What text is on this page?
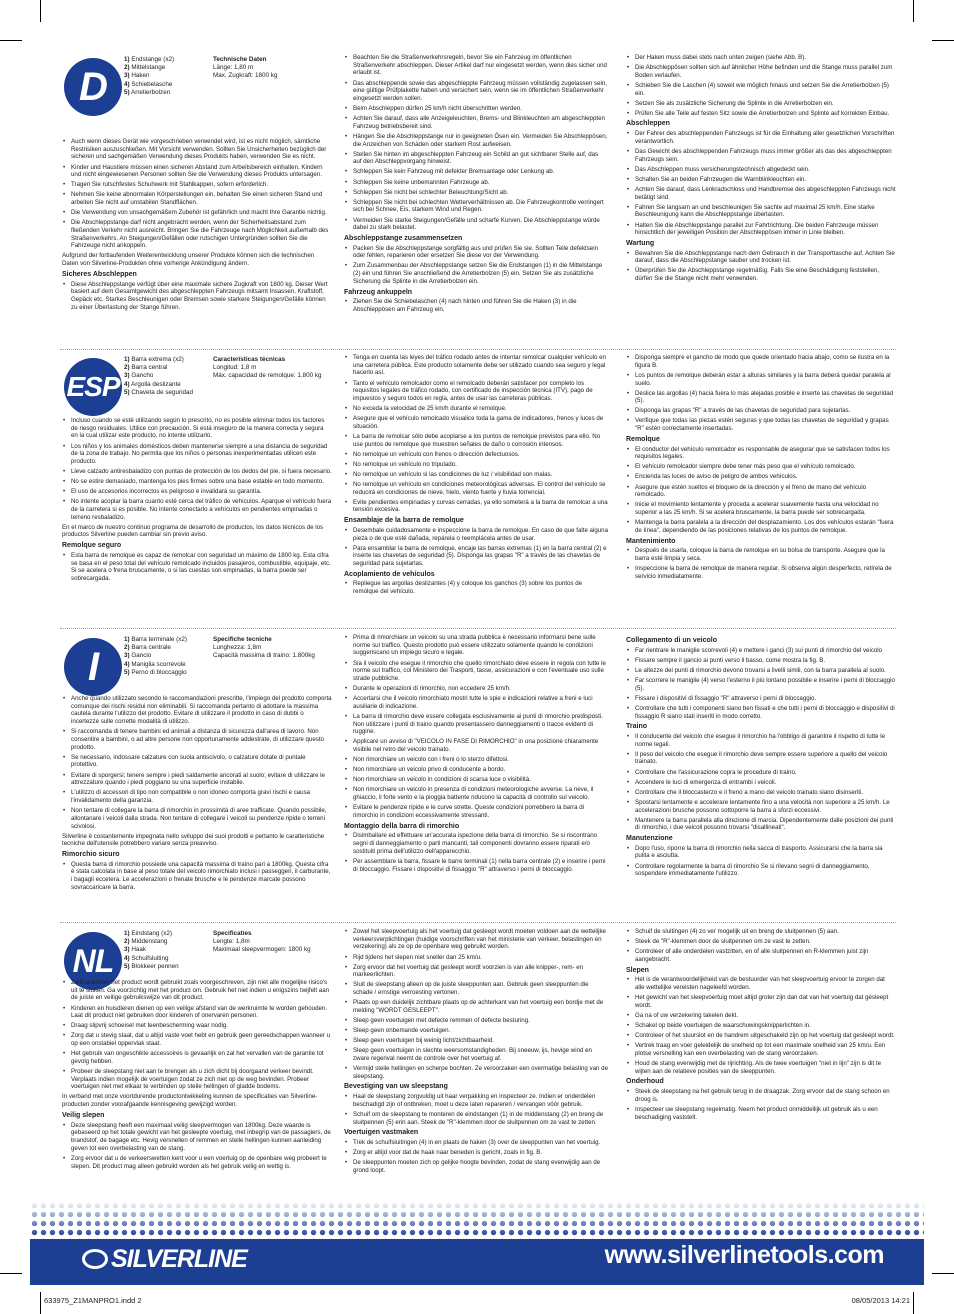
D
1) Endstange (x2)
2) Mittelstange
3) Haken
4) Schiebelasche
5) Arretierbolzen
Technische Daten
Länge: 1,80 m
Max. Zugkraft: 1800 kg
• Auch wenn dieses Gerät wie vorgeschrieben verwendet wird, ist es nicht möglich, sämtliche Restrisiken auszuschließen. Mit Vorsicht verwenden. Sollten Sie Unsicherheiten bezüglich der sicheren und sachgemäßen Verwendung dieses Produkts haben, verwenden Sie es nicht.
• Kinder und Haustiere müssen einen sicheren Abstand zum Arbeitsbereich einhalten. Kindern und nicht eingewiesenen Personen sollten Sie die Verwendung dieses Produkts untersagen.
• Tragen Sie rutschfestes Schuhwerk mit Stahlkappen, sofern erforderlich.
• Nehmen Sie keine abnormalen Körperstellungen ein, behalten Sie einen sicheren Stand und arbeiten Sie nicht auf unstabilen Standflächen.
• Die Verwendung von unsachgemäßem Zubehör ist gefährlich und macht Ihre Garantie nichtig.
• Die Abschleppstange darf nicht angebracht werden, wenn der Sicherheitsabstand zum fließenden Verkehr nicht ausreicht. Bringen Sie die Fahrzeuge nach Möglichkeit außerhalb des Straßenverkehrs. An Steigungen/Gefällen oder rutschigen Untergründen sollten Sie die Fahrzeuge nicht ankoppeln.

Aufgrund der fortlaufenden Weiterentwicklung unserer Produkte können sich die technischen Daten von Silverline-Produkten ohne vorherige Ankündigung ändern.

Sicheres Abschleppen
• Diese Abschleppstange verfügt über eine maximale sichere Zugkraft von 1800 kg. Dieser Wert basiert auf dem Gesamtgewicht des abgeschleppten Fahrzeugs mitsamt Insassen, Kraftstoff, Gepäck etc. Starkes Beschleunigen oder Bremsen sowie starkere Steigungen/Gefälle können zu einer Überlastung der Stange führen.
• Beachten Sie die Straßenverkehrsregeln, bevor Sie ein Fahrzeug im öffentlichen Straßenverkehr abschleppen. Dieser Artikel darf nur eingesetzt werden, wenn dies sicher und erlaubt ist.
• Das abschleppende sowie das abgeschleppte Fahrzeug müssen vollständig zugelassen sein, eine gültige Prüfplakette haben und versichert sein, wenn sie im öffentlichen Straßenverkehr eingesetzt werden sollen.
• Beim Abschleppen dürfen 25 km/h nicht überschritten werden.
• Achten Sie darauf, dass alle Anzeigeleuchten, Brems- und Blinkleuchten am abgeschleppten Fahrzeug betriebsbereit sind.
• Hängen Sie die Abschleppstange nur in geeigneten Ösen ein. Vermeiden Sie Abschleppösen, die Anzeichen von Schäden oder starkem Rost aufweisen.
• Stellen Sie hinten im abgeschleppten Fahrzeug ein Schild an gut sichtbarer Stelle auf, das auf den Abschleppvorgang hinweist.
• Schleppen Sie kein Fahrzeug mit defekter Bremsanlage oder Lenkung ab.
• Schleppen Sie keine unbemannten Fahrzeuge ab.
• Schleppen Sie nicht bei schlechter Beleuchtung/Sicht ab.
• Schleppen Sie nicht bei schlechten Wetterverhältnissen ab. Die Fahrzeugkontrolle verringert sich bei Schnee, Eis, starkem Wind und Regen.
• Vermeiden Sie starke Steigungen/Gefälle und scharfe Kurven. Die Abschleppstange würde dabei zu stark belastet.
Abschleppstange zusammensetzen
• Packen Sie die Abschleppstange sorgfältig aus und prüfen Sie sie. Sollten Teile defektsein oder fehlen, reparieren oder ersetzen Sie diese vor der Verwendung.
• Zum Zusammenbau der Abschleppstange setzen Sie die Endstangen (1) in die Mittelstange (2) ein und führen Sie anschließend die Arretierbolzen (5) ein. Setzen Sie als zusätzliche Sicherung die Splinte in die Arretierbolzen ein.
Fahrzeug ankuppeln
• Ziehen Sie die Schiebelaschen (4) nach hinten und führen Sie die Haken (3) in die Abschleppösen am Fahrzeug ein.
• Der Haken muss dabei stets nach unten zeigen (siehe Abb. B).
• Die Abschleppösen sollten sich auf ähnlicher Höhe befinden und die Stange muss parallel zum Boden verlaufen.
• Schieben Sie die Laschen (4) soweit wie möglich hinaus und setzen Sie die Arretierbolzen (5) ein.
• Setzen Sie als zusätzliche Sicherung die Splinte in die Arretierbolzen ein.
• Prüfen Sie alle Teile auf festen Sitz sowie die Arretierbolzen und Splinte auf korrekten Einbau.
Abschleppen
• Der Fahrer des abschleppenden Fahrzeugs ist für die Einhaltung aller gesetzlichen Vorschriften verantwortlich.
• Das Gewicht des abschleppenden Fahrzeugs muss immer größer als das des abgeschleppten Fahrzeugs sein.
• Das Abschleppen muss versicherungstechnisch abgedeckt sein.
• Schalten Sie an beiden Fahrzeugen die Warnblinkleuchten ein.
• Achten Sie darauf, dass Lenkradschloss und Handbremse des abgeschleppten Fahrzeugs nicht betätigt sind.
• Fahren Sie langsam an und beschleunigen Sie sachte auf maximal 25 km/h. Eine starke Beschleunigung kann die Abschleppstange überlasten.
• Halten Sie die Abschleppstange parallel zur Fahrtrichtung. Die beiden Fahrzeuge müssen hinsichtlich der jeweiligen Position der Abschleppösen immer in Linie bleiben.
Wartung
• Bewahren Sie die Abschleppstange nach dem Gebrauch in der Transporttasche auf. Achten Sie darauf, dass die Abschleppstange sauber und trocken ist.
• Überprüfen Sie die Abschleppstange regelmäßig. Falls Sie eine Beschädigung feststellen, dürfen Sie die Stange nicht mehr verwenden.
ESP
1) Barra extrema (x2)
2) Barra central
3) Gancho
4) Argolla deslizante
5) Chaveta de seguridad
Características técnicas
Longitud: 1,8 m
Máx. capacidad de remolque: 1.800 kg
• Incluso cuando se esté utilizando según lo prescrito, no es posible eliminar todos los factores de riesgo residuales. Utilice con precaución. Si está inseguro de la manera correcta y segura en la cual utilizar este producto, no intente utilizarlo.
• Los niños y los animales domésticos deben mantenerse siempre a una distancia de seguridad de la zona de trabajo. No permita que los niños o personas inexperimentadas utilicen este producto.
• Lleve calzado antiresbaladizo con puntas de protección de los dedos del pie, si fuera necesario.
• No se estire demasiado, mantenga los pies firmes sobre una base estable en todo momento.
• El uso de accesorios incorrectos es peligroso e invalidará su garantía.
• No intente acoplar la barra cuanto esté cerca del tráfico de vehículos. Aparque el vehículo fuera de la carretera si es posible. No intente conectarlo a vehículos en pendientes empinadas o terreno resbaladizo.

En el marco de nuestro continuo programa de desarrollo de productos, los datos técnicos de los productos Silverline pueden cambiar sin previo aviso.

Remolque seguro
• Esta barra de remolque es capaz de remolcar con seguridad un máximo de 1800 kg. Esta cifra se basa en el peso total del vehículo remolcado incluidos pasajeros, combustible, equipaje, etc. Si se acelera o frena bruscamente, o si las cuestas son empinadas, la barra puede ser sobrecargada.
• Tenga en cuenta las leyes del tráfico rodado antes de intentar remolcar cualquier vehículo en una carretera pública. Este producto solamente debe ser utilizado cuando sea seguro y legal hacerlo así.
• Tanto el vehículo remolcador como el remolcado deberán satisfacer por completo los requisitos legales de tráfico rodado, con certificado de inspección técnica (ITV), pago de impuestos y seguro todos en regla, antes de usar las carreteras públicas.
• No exceda la velocidad de 25 km/h durante el remolque.
• Asegure que el vehículo remolcado visualice toda la gama de indicadores, frenos y luces de situación.
• La barra de remolcar sólo debe acoplarse a los puntos de remolque previstos para ello. No use puntos de remolque que muestren señales de daño o corrosión intensos.
• No remolque un vehículo con frenos o dirección defectuosos.
• No remolque un vehículo no tripulado.
• No remolque un vehículo si las condiciones de luz / visibilidad son malas.
• No remolque un vehículo en condiciones meteorológicas adversas. El control del vehículo se reducirá en condiciones de nieve, hielo, viento fuerte y lluvia torrencial.
• Evite pendientes empinadas y curvas cerradas, ya ello someterá a la barra de remolcar a una tensión excesiva.
Ensamblaje de la barra de remolque
• Desembale cuidadosamente e inspeccione la barra de remolque. En caso de que falte alguna pieza o de que esté dañada, repárela o reemplácela antes de usar.
• Para ensamblar la barra de remolque, encaje las barras extremas (1) en la barra central (2) e inserte las chavetas de seguridad (5). Disponga las grapas "R" a través de las chavetas de seguridad para sujetarlas.
Acoplamiento de vehículos
• Repliegue las argollas deslizantes (4) y coloque los ganchos (3) sobre los puntos de remolque del vehículo.
• Disponga siempre el gancho de modo que quede orientado hacia abajo, como se ilustra en la figura B.
• Los puntos de remolque deberán estar a alturas similares y la barra deberá quedar paralela al suelo.
• Deslice las argollas (4) hacia fuera lo más alejadas posible e inserte las chavetas de seguridad (5).
• Disponga las grapas "R" a través de las chavetas de seguridad para sujetarlas.
• Verifique que todas las piezas estén seguras y que todas las chavetas de seguridad y grapas "R" estén correctamente insertadas.
Remolque
• El conductor del vehículo remolcador es responsable de asegurar que se satisfacen todos los requisitos legales.
• El vehículo remolcador siempre debe tener más peso que el vehículo remolcado.
• Encienda las luces de aviso de peligro de ambos vehículos.
• Asegure que estén sueltos el bloqueo de la dirección y el freno de mano del vehículo remolcado.
• Inicie el movimiento lentamente y proceda a acelerar suavemente hasta una velocidad no superior a las 25 km/h. Si se acelera bruscamente, la barra puede ser sobrecargada.
• Mantenga la barra paralela a la dirección del desplazamiento. Los dos vehículos estarán "fuera de línea", dependiendo de las posiciones relativas de los puntos de remolque.
Mantenimiento
• Después de usarla, coloque la barra de remolque en su bolsa de transporte. Asegure que la barra esté limpia y seca.
• Inspeccione la barra de remolque de manera regular. Si observa algún desperfecto, retírela de servicio inmediatamente.
I
1) Barra terminale (x2)
2) Barra centrale
3) Gancio
4) Maniglia scorrevole
5) Perno di bloccaggio
Specifiche tecniche
Lunghezza: 1,8m
Capacità massima di traino: 1.800kg
• Anche quando utilizzato secondo le raccomandazioni prescritte, l'impiego del prodotto comporta comunque dei rischi residui non eliminabili. Si raccomanda pertanto di adottare la massima cautela durante l'utilizzo del prodotto. Evitare di utilizzare il prodotto in caso di dubbi o incertezze sulle corrette modalità di utilizzo.
• Si raccomanda di tenere bambini ed animali a distanza di sicurezza dall'area di lavoro. Non consentire a bambini, o ad altre persone non opportunamente addestrate, di utilizzare questo prodotto.
• Se necessario, indossare calzature con suola antiscivolo, o calzature dotate di puntale protettivo.
• Evitare di sporgersi; tenere sempre i piedi saldamente ancorati al suolo; evitare di utilizzare le attrezzature quando i piedi poggiano su una superficie instabile.
• L'utilizzo di accessori di tipo non compatibile o non idoneo comporta gravi rischi e causa l'invalidamento della garanzia.
• Non tentare di collegare la barra di rimorchio in prossimità di aree trafficate. Quando possibile, allontanare i veicoli dalla strada. Non tentare di collegare i veicoli su pendenze ripide o terreni scivolosi.

Silverline è costantemente impegnata nello sviluppo dei suoi prodotti e pertanto le caratteristiche tecniche dell'utensile potrebbero variare senza preavviso.

Rimorchio sicuro
• Questa barra di rimorchio possiede una capacità massima di traino pari a 1800kg. Questa cifra è stata calcolata in base al peso totale del veicolo rimorchiato inclusi i passeggeri, il carburante, i bagagli eccetera. Le accelerazioni o frenate brusche e le pendenze marcate possono sovraccaricare la barra.
• Prima di rimorchiare un veicolo su una strada pubblica è necessario informarsi bene sulle norme sul traffico. Questo prodotto può essere utilizzato solamente quando le condizioni suggeriscano un impiego sicuro e legale.
• Sia il veicolo che esegue il rimorchio che quello rimorchiato deve essere in regola con tutte le norme sul traffico, col Ministero dei Trasporti, tasse, assicurazioni e con l'eventuale uso sulle strade pubbliche.
• Durante le operazioni di rimorchio, non eccedere 25 km/h.
• Accertarsi che il veicolo rimorchiato mostri tutte le spie e indicazioni relative a freni e luci ausiliarie di indicazione.
• La barra di rimorchio deve essere collegata esclusivamente ai punti di rimorchio predisposti. Non utilizzare i punti di traino quando presentassero danneggiamenti o tracce evidenti di ruggine.
• Applicare un avviso di "VEICOLO IN FASE DI RIMORCHIO" in una posizione chiaramente visibile nel retro del veicolo trainato.
• Non rimorchiare un veicolo con i freni o lo sterzo difettosi.
• Non rimorchiare un veicolo privo di conducente a bordo.
• Non rimorchiare un veicolo in condizioni di scarsa luce o visibilità.
• Non rimorchiare un veicolo in presenza di condizioni meteorologiche avverse. La neve, il ghiaccio, il forte vento e la pioggia battente riducono la capacità di controllo sul veicolo.
• Evitare le pendenze ripide e le curve strette. Queste condizioni porrebbero la barra di rimorchio in condizioni eccessivamente stressanti.
Montaggio della barra di rimorchio
• Disimballare ed effettuare un'accurata ispezione della barra di rimorchio. Se si riscontrano segni di danneggiamento o parti mancanti, tali componenti dovranno essere riparati e/o sostituiti prima dell'utilizzo dell'apparecchio.
• Per assemblare la barra, fissare le barre terminali (1) nella barra centrale (2) e inserire i perni di bloccaggio. Fissare i dispositivi di fissaggio "R" attraverso i perni di bloccaggio.
Collegamento di un veicolo
• Far rientrare le maniglie scorrevoli (4) e mettere i ganci (3) sui punti di rimorchio del veicolo
• Fissare sempre il gancio ai punti verso il basso, come mostra la fig. B.
• Le altezze dei punti di rimorchio devono trovarsi a livelli simili, con la barra parallela al suolo.
• Far scorrere le maniglie (4) verso l'esterno il più lontano possibile e inserire i perni di bloccaggio (5).
• Fissare i dispositivi di fissaggio "R" attraverso i perni di bloccaggio.
• Controllare che tutti i componenti siano ben fissati e che tutti i perni di bloccaggio e dispositivi di fissaggio R siano stati inseriti in modo corretto.
Traino
• Il conducente del veicolo che esegue il rimorchio ha l'obbligo di garantire il rispetto di tutte le norme legali.
• Il peso del veicolo che esegue il rimorchio deve sempre essere superiore a quello del veicolo trainato.
• Controllare che l'assicurazione copra le procedure di traino.
• Accendere le luci di emergenza di entrambi i veicoli.
• Controllare che il bloccasterzo e il freno a mano del veicolo trainato siano disinseriti.
• Spostarsi lentamente e accelerare lentamente fino a una velocità non superiore a 25 km/h. Le accelerazioni brusche possono sottoporre la barra a sforzi eccessivi.
• Mantenere la barra parallela alla direzione di marcia. Dipendentemente dalle posizioni dei punti di rimorchio, i due veicoli possono trovarsi "disallineati".
Manutenzione
• Dopo l'uso, riporre la barra di rimorchio nella sacca di trasporto. Assicurarsi che la barra sia pulita e asciutta.
• Controllare regolarmente la barra di rimorchio Se si rilevano segni di danneggiamento, sospendere immediatamente l'utilizzo.
NL
1) Eindstang (x2)
2) Middenstang
3) Haak
4) Schuifsluiting
5) Blokkeer pennen
Specificaties
Lengte: 1,8m
Maximaal sleepvermogen: 1800 kg
• Zelfs wanneer het product wordt gebruikt zoals voorgeschreven, zijn niet alle mogelijke risico's uit te sluiten. Ga voorzichtig met het product om. Gebruik het niet indien u enigszins twijfelt aan de juiste en veilige gebruikswijze van dit product.
• Kinderen en huisdieren dienen op een veilige afstand van de werkruimte te worden gehouden. Laat dit product niet gebruiken door kinderen of onervaren personen.
• Draag slipvrij schoeisel met teenbescherming waar nodig.
• Zorg dat u stevig staat, dat u altijd vaste voet hebt en gebruik geen gereedschappen wanneer u op een onstabiel oppervlak staat.
• Het gebruik van ongeschikte accessoires is gevaarlijk en zal het vervallen van de garantie tot gevolg hebben.
• Probeer de sleepstang niet aan te brengen als u zich dicht bij doorgaand verkeer bevindt. Verplaats indien mogelijk de voertuigen zodat ze zich niet op de weg bevinden. Probeer voertuigen niet met elkaar te verbinden op steile hellingen of gladde bodems.

In verband met onze voortdurende productontwikkeling kunnen de specificaties van Silverline-producten zonder voorafgaande kennisgeving gewijzigd worden.

Veilig slepen
• Deze sleepstang heeft een maximaal veilig sleepvermogen van 1800kg. Deze waarde is gebaseerd op het totale gewicht van het gesleepte voertuig, met inbegrip van de passagiers, de brandstof, de bagage etc. Hevig versnellen of remmen en steile hellingen kunnen aanleiding geven tot een overbelasting van de stang.
• Zorg ervoor dat u de verkeerswetten kent voor u een voertuig op de openbare weg probeert te slepen. Dit product mag alleen gebruikt worden als het gebruik veilig en wettig is.
• Zowel het sleepvoertuig als het voertuig dat gesleept wordt moeten voldoen aan de wettelijke verkeersverplichtingen (huidige voorschriften van het ministerie van verkeer, belastingen en verzekering) als ze op de openbare weg gebruikt worden.
• Rijd tijdens het slepen niet sneller dan 25 km/u.
• Zorg ervoor dat het voertuig dat gesleept wordt voorzien is van alle knipper-, rem- en markeerlichten.
• Sluit de sleepstang alleen op de juiste sleeppunten aan. Gebruik geen sleeppunten die schade / ernstige verroesting vertonen.
• Plaats op een duidelijk zichtbare plaats op de achterkant van het voertuig een bordje met de melding "WORDT GESLEEPT".
• Sleep geen voertuigen met defecte remmen of defecte besturing.
• Sleep geen onbemande voertuigen.
• Sleep geen voertuigen bij weinig licht/zichtbaarheid.
• Sleep geen voertuigen in slechte weersomstandigheden. Bij sneeuw, ijs, hevige wind en zware regenval neemt de controle over het voertuig af.
• Vermijd steile hellingen en scherpe bochten. Ze veroorzaken een overmatige belasting van de sleepstang.
Bevestiging van uw sleepstang
• Haal de sleepstang zorgvuldig uit haar verpakking en inspecteer ze. Indien er onderdelen beschadigd zijn of ontbreken, moet u deze laten repareren / vervangen vóór gebruik.
• Schuif om de sleepstang te monteren de eindstangen (1) in de middenstang (2) en breng de sluitpennen (5) erin aan. Steek de "R"-klemmen door de sluitpennen om ze vast te zetten.
Voertuigen vastmaken
• Trek de schuifsluitingen (4) in en plaats de haken (3) over de sleeppunten van het voertuig.
• Zorg er altijd voor dat de haak naar beneden is gericht, zoals in fig. B.
• De sleeppunten moeten zich op gelijke hoogte bevinden, zodat de stang evenwijdig aan de grond loopt.
• Schuif de sluitingen (4) zo ver mogelijk uit en breng de sluitpennen (5) aan.
• Steek de "R"-klemmen door de sluitpennen om ze vast te zetten.
• Controleer of alle onderdelen vastzitten, en of alle sluitpennen en R-klemmen juist zijn aangebracht.
Slepen
• Het is de verantwoordelijkheid van de bestuurder van het sleepvoertuig ervoor te zorgen dat alle wettelijke vereisten nageleefd worden.
• Het gewicht van het sleepvoertuig moet altijd groter zijn dan dat van het voertuig dat gesleept wordt.
• Ga na of uw verzekering takelen dekt.
• Schakel op beide voertuigen de waarschuwingsknipperlichten in.
• Controleer of het stuurslot en de handrem uitgeschakeld zijn op het voertuig dat gesleept wordt.
• Vertrek traag en voer geleidelijk de snelheid op tot een maximale snelheid van 25 km/u. Een plotse versnelling kan een overbelasting van de stang veroorzaken.
• Houd de stang evenwijdig met de rijrichting. Als de twee voertuigen "niet in lijn" zijn is dit te wijten aan de relatieve posities van de sleeppunten.
Onderhoud
• Steek de sleepstang na het gebruik terug in de draagzak. Zorg ervoor dat de stang schoon en droog is.
• Inspecteer uw sleepstang regelmatig. Neem het product onmiddellijk uit gebruik als u een beschadiging vaststelt.
SILVERLINE	www.silverlinetools.com
633975_Z1MANPRO1.indd 2	08/05/2013 14:21
